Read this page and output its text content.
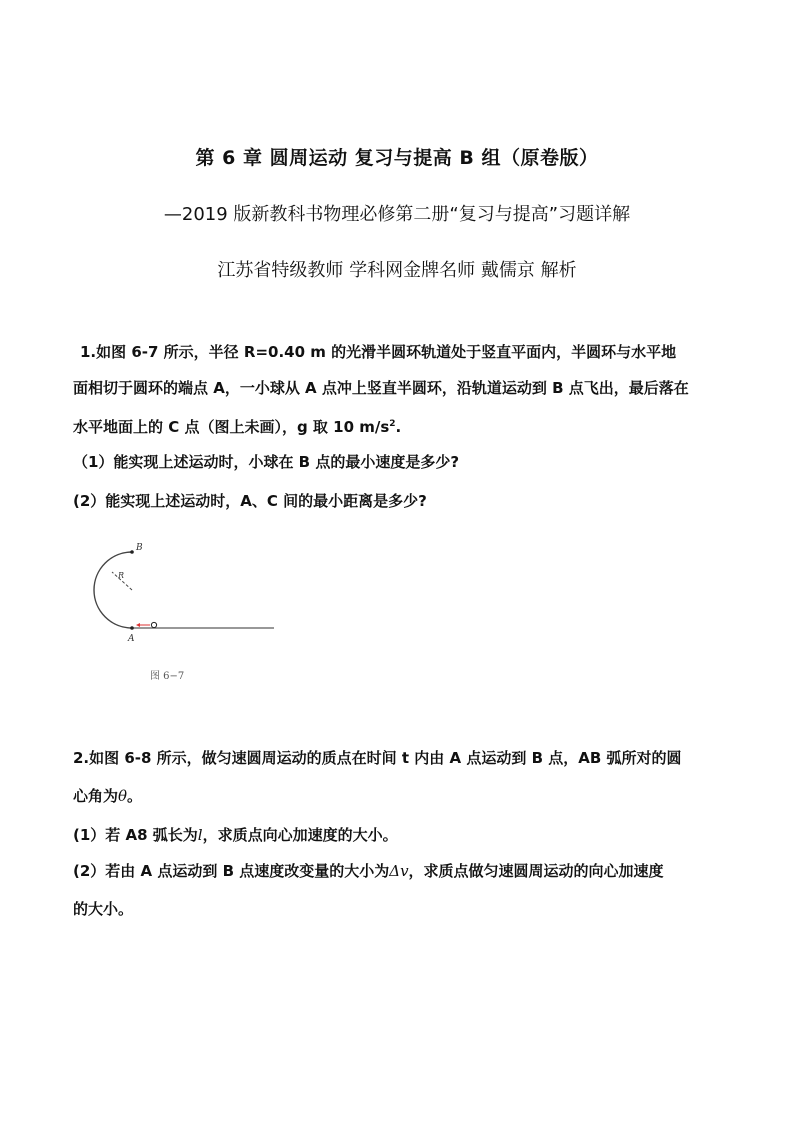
第 6 章 圆周运动 复习与提高 B 组（原卷版）
—2019 版新教科书物理必修第二册“复习与提高”习题详解
江苏省特级教师 学科网金牌名师 戴儒京 解析
1.如图 6-7 所示，半径 R=0.40 m 的光滑半圆环轨道处于竖直平面内，半圆环与水平地
面相切于圆环的端点 A，一小球从 A 点冲上竖直半圆环，沿轨道运动到 B 点飞出，最后落在
水平地面上的 C 点（图上未画），g 取 10 $m/s^2$.
（1）能实现上述运动时，小球在 B 点的最小速度是多少?
(2）能实现上述运动时，A、C 间的最小距离是多少?
B
R
A
图 6−7
2.如图 6-8 所示，做匀速圆周运动的质点在时间 t 内由 A 点运动到 B 点，AB 弧所对的圆
心角为θ。
(1）若 A8 弧长为l，求质点向心加速度的大小。
(2）若由 A 点运动到 B 点速度改变量的大小为Δv，求质点做匀速圆周运动的向心加速度
的大小。
